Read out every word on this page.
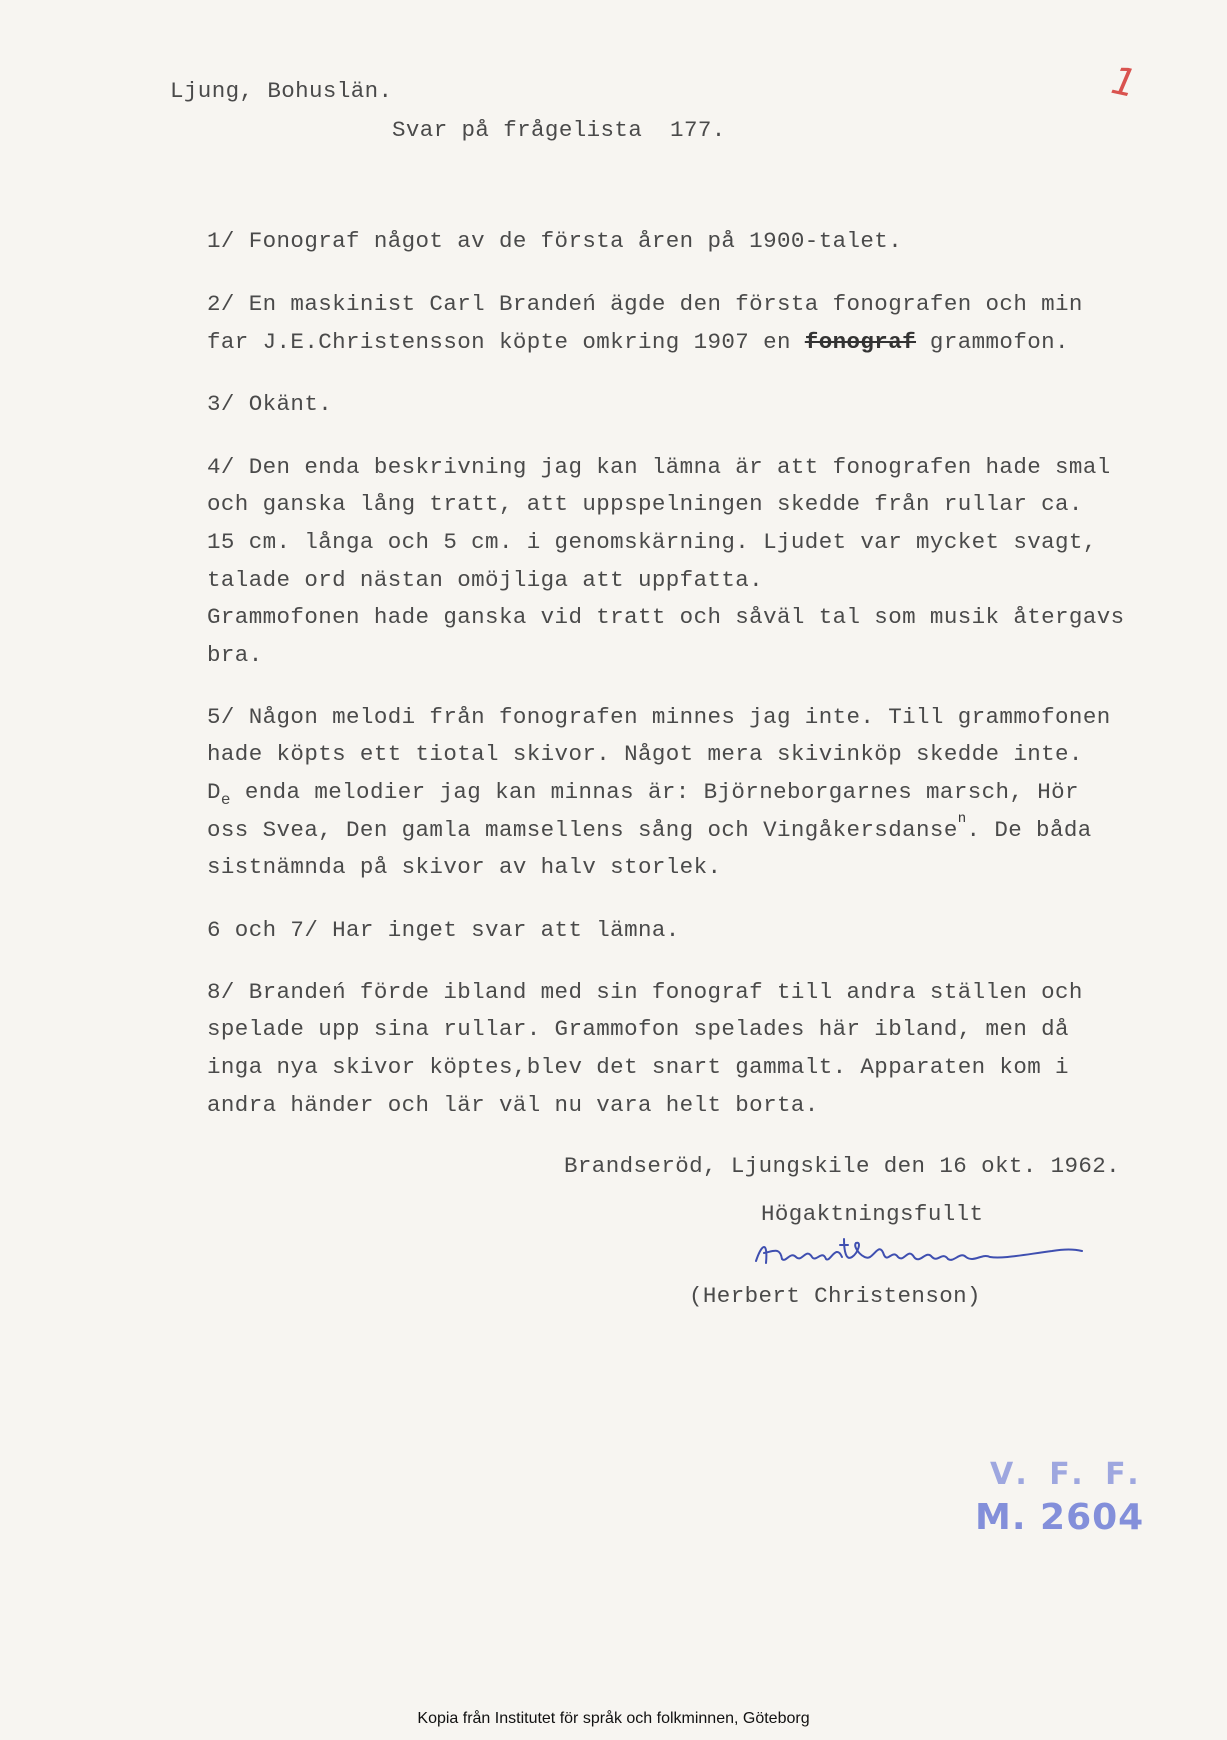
Ljung, Bohuslän.
Svar på frågelista  177.
1
1/ Fonograf något av de första åren på 1900-talet.
2/ En maskinist Carl Brandeń ägde den första fonografen och min
far J.E.Christensson köpte omkring 1907 en fonograf grammofon.
3/ Okänt.
4/ Den enda beskrivning jag kan lämna är att fonografen hade smal
och ganska lång tratt, att uppspelningen skedde från rullar ca.
15 cm. långa och 5 cm. i genomskärning. Ljudet var mycket svagt,
talade ord nästan omöjliga att uppfatta.
Grammofonen hade ganska vid tratt och såväl tal som musik återgavs
bra.
5/ Någon melodi från fonografen minnes jag inte. Till grammofonen
hade köpts ett tiotal skivor. Något mera skivinköp skedde inte.
$D_e$ enda melodier jag kan minnas är: Björneborgarnes marsch, Hör
oss Svea, Den gamla mamsellens sång och Vingåkersdanse$^n$. De båda
sistnämnda på skivor av halv storlek.
6 och 7/ Har inget svar att lämna.
8/ Brandeń förde ibland med sin fonograf till andra ställen och
spelade upp sina rullar. Grammofon spelades här ibland, men då
inga nya skivor köptes,blev det snart gammalt. Apparaten kom i
andra händer och lär väl nu vara helt borta.
Brandseröd, Ljungskile den 16 okt. 1962.
Högaktningsfullt
(Herbert Christenson)
V. F. F.
M. 2604
Kopia från Institutet för språk och folkminnen, Göteborg
